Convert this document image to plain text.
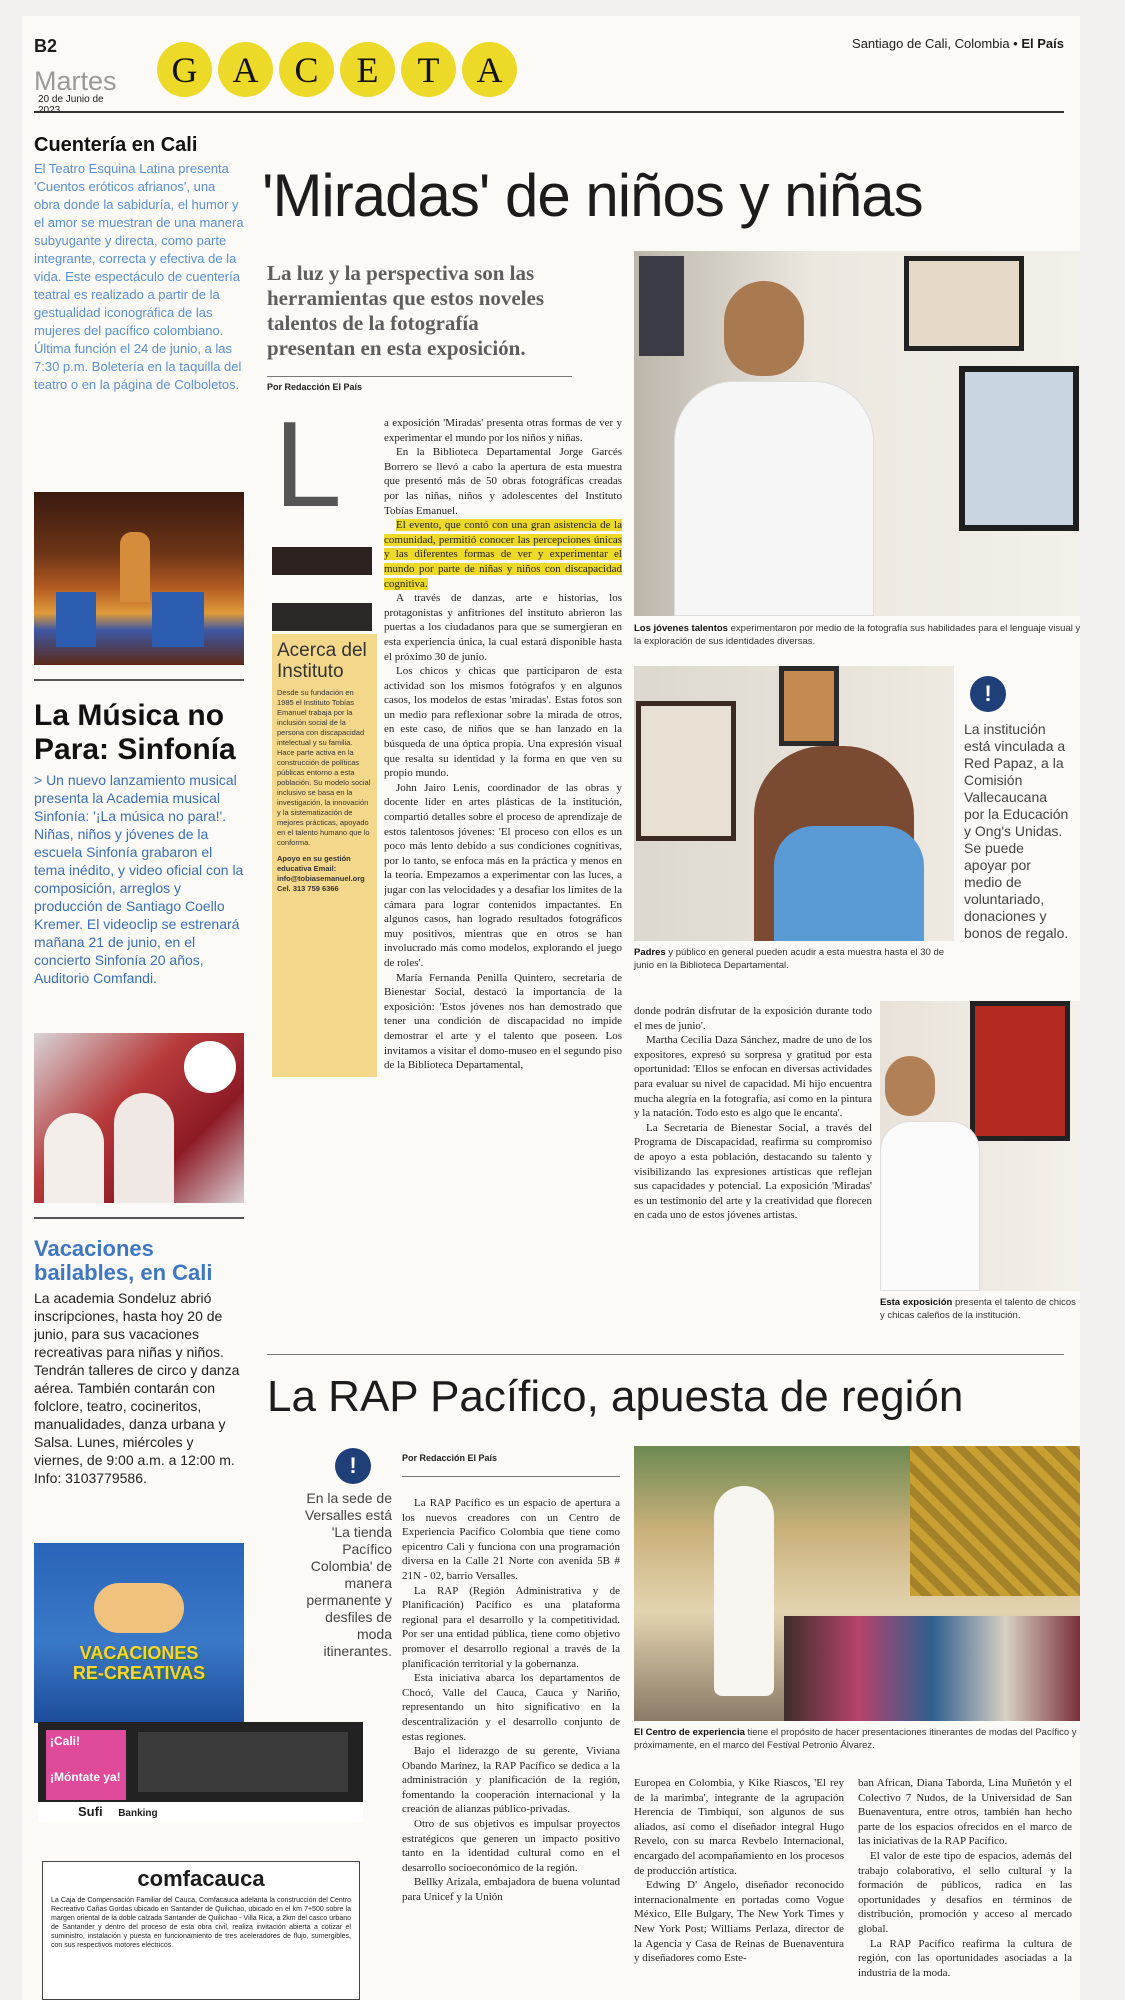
B2
Martes
20 de Junio de
G A C	E	T	A
Santiago de Cali, Colombia • El País
Cuentería en Cali
El Teatro Esquina Latina presenta 'Cuentos eróticos afrianos', una obra donde la sabiduría, el humor y el amor se muestran de una manera subyugante y directa, como parte integrante, correcta y efectiva de la vida. Este espectáculo de cuentería teatral es realizado a partir de la gestualidad iconográfica de las mujeres del pacífico colombiano. Última función el 24 de junio, a las 7:30 p.m. Boletería en la taquilla del teatro o en la página de Colboletos.
La Música no Para: Sinfonía
> Un nuevo lanzamiento musical presenta la Academia musical Sinfonía: '¡La música no para!'. Niñas, niños y jóvenes de la escuela Sinfonía grabaron el tema inédito, y video oficial con la composición, arreglos y producción de Santiago Coello Kremer. El videoclip se estrenará mañana 21 de junio, en el concierto Sinfonía 20 años, Auditorio Comfandi.
Vacaciones bailables, en Cali
La academia Sondeluz abrió inscripciones, hasta hoy 20 de junio, para sus vacaciones recreativas para niñas y niños. Tendrán talleres de circo y danza aérea. También contarán con folclore, teatro, cocineritos, manualidades, danza urbana y Salsa. Lunes, miércoles y viernes, de 9:00 a.m. a 12:00 m. Info: 3103779586.
VACACIONES
RE-CREATIVAS
¡Cali!
¡Móntate ya!
Sufi Banking
comfacauca
La Caja de Compensación Familiar del Cauca, Comfacauca adelanta la construcción del Centro Recreativo Cañas Gordas ubicado en Santander de Quilichao, ubicado en el km 7+500 sobre la margen oriental de la doble calzada Santander de Quilichao - Villa Rica, a 2km del casco urbano de Santander y dentro del proceso de esta obra civil, realiza invitación abierta a cotizar el suministro, instalación y puesta en funcionamiento de tres aceleradores de flujo, sumergibles, con sus respectivos motores eléctricos.
'Miradas' de niños y niñas
La luz y la perspectiva son las herramientas que estos noveles talentos de la fotografía presentan en esta exposición.
Por Redacción El País
L
Acerca del Instituto

Desde su fundación en 1985 el Instituto Tobías Emanuel trabaja por la inclusión social de la persona con discapacidad intelectual y su familia. Hace parte activa en la construcción de políticas públicas entorno a esta población. Su modelo social inclusivo se basa en la investigación, la innovación y la sistematización de mejores prácticas, apoyado en el talento humano que lo conforma.

Apoyo en su gestión educativa Email: info@tobiasemanuel.org Cel. 313 759 6366

a exposición 'Miradas' presenta otras formas de ver y experimentar el mundo por los niños y niñas.

En la Biblioteca Departamental Jorge Garcés Borrero se llevó a cabo la apertura de esta muestra que presentó más de 50 obras fotográficas creadas por las niñas, niños y adolescentes del Instituto Tobías Emanuel.

El evento, que contó con una gran asistencia de la comunidad, permitió conocer las percepciones únicas y las diferentes formas de ver y experimentar el mundo por parte de niñas y niños con discapacidad cognitiva.

A través de danzas, arte e historias, los protagonistas y anfitriones del instituto abrieron las puertas a los ciudadanos para que se sumergieran en esta experiencia única, la cual estará disponible hasta el próximo 30 de junio.

Los chicos y chicas que participaron de esta actividad son los mismos fotógrafos y en algunos casos, los modelos de estas 'miradas'. Estas fotos son un medio para reflexionar sobre la mirada de otros, en este caso, de niños que se han lanzado en la búsqueda de una óptica propia. Una expresión visual que resalta su identidad y la forma en que ven su propio mundo.

John Jairo Lenis, coordinador de las obras y docente líder en artes plásticas de la institución, compartió detalles sobre el proceso de aprendizaje de estos talentosos jóvenes: 'El proceso con ellos es un poco más lento debido a sus condiciones cognitivas, por lo tanto, se enfoca más en la práctica y menos en la teoría. Empezamos a experimentar con las luces, a jugar con las velocidades y a desafiar los límites de la cámara para lograr contenidos impactantes. En algunos casos, han logrado resultados fotográficos muy positivos, mientras que en otros se han involucrado más como modelos, explorando el juego de roles'.

María Fernanda Penilla Quintero, secretaria de Bienestar Social, destacó la importancia de la exposición: 'Estos jóvenes nos han demostrado que tener una condición de discapacidad no impide demostrar el arte y el talento que poseen. Los invitamos a visitar el domo-museo en el segundo piso de la Biblioteca Departamental,

Los jóvenes talentos experimentaron por medio de la fotografía sus habilidades para el lenguaje visual y la exploración de sus identidades diversas.
Padres y público en general pueden acudir a esta muestra hasta el 30 de junio en la Biblioteca Departamental.
!
La institución está vinculada a Red Papaz, a la Comisión Vallecaucana por la Educación y Ong's Unidas. Se puede apoyar por medio de voluntariado, donaciones y bonos de regalo.

donde podrán disfrutar de la exposición durante todo el mes de junio'.

Martha Cecilia Daza Sánchez, madre de uno de los expositores, expresó su sorpresa y gratitud por esta oportunidad: 'Ellos se enfocan en diversas actividades para evaluar su nivel de capacidad. Mi hijo encuentra mucha alegría en la fotografía, así como en la pintura y la natación. Todo esto es algo que le encanta'.

La Secretaría de Bienestar Social, a través del Programa de Discapacidad, reafirma su compromiso de apoyo a esta población, destacando su talento y visibilizando las expresiones artísticas que reflejan sus capacidades y potencial. La exposición 'Miradas' es un testimonio del arte y la creatividad que florecen en cada uno de estos jóvenes artistas.

Esta exposición presenta el talento de chicos y chicas caleños de la institución.
La RAP Pacífico, apuesta de región
!
En la sede de Versalles está 'La tienda Pacífico Colombia' de manera permanente y desfiles de moda itinerantes.
Por Redacción El País

La RAP Pacífico es un espacio de apertura a los nuevos creadores con un Centro de Experiencia Pacífico Colombia que tiene como epicentro Cali y funciona con una programación diversa en la Calle 21 Norte con avenida 5B # 21N - 02, barrio Versalles.

La RAP (Región Administrativa y de Planificación) Pacífico es una plataforma regional para el desarrollo y la competitividad. Por ser una entidad pública, tiene como objetivo promover el desarrollo regional a través de la planificación territorial y la gobernanza.

Esta iniciativa abarca los departamentos de Chocó, Valle del Cauca, Cauca y Nariño, representando un hito significativo en la descentralización y el desarrollo conjunto de estas regiones.

Bajo el liderazgo de su gerente, Viviana Obando Marínez, la RAP Pacífico se dedica a la administración y planificación de la región, fomentando la cooperación internacional y la creación de alianzas público-privadas.

Otro de sus objetivos es impulsar proyectos estratégicos que generen un impacto positivo tanto en la identidad cultural como en el desarrollo socioeconómico de la región.

Bellky Arizala, embajadora de buena voluntad para Unicef y la Unión

El Centro de experiencia tiene el propósito de hacer presentaciones itinerantes de modas del Pacífico y próximamente, en el marco del Festival Petronio Álvarez.

Europea en Colombia, y Kike Riascos, 'El rey de la marimba', integrante de la agrupación Herencia de Timbiquí, son algunos de sus aliados, así como el diseñador integral Hugo Revelo, con su marca Revbelo Internacional, encargado del acompañamiento en los procesos de producción artística.

Edwing D' Angelo, diseñador reconocido internacionalmente en portadas como Vogue México, Elle Bulgary, The New York Times y New York Post; Williams Perlaza, director de la Agencia y Casa de Reinas de Buenaventura y diseñadores como Este-

ban African, Diana Taborda, Lina Muñetón y el Colectivo 7 Nudos, de la Universidad de San Buenaventura, entre otros, también han hecho parte de los espacios ofrecidos en el marco de las iniciativas de la RAP Pacífico.

El valor de este tipo de espacios, además del trabajo colaborativo, el sello cultural y la formación de públicos, radica en las oportunidades y desafíos en términos de distribución, promoción y acceso al mercado global.

La RAP Pacífico reafirma la cultura de región, con las oportunidades asociadas a la industria de la moda.
